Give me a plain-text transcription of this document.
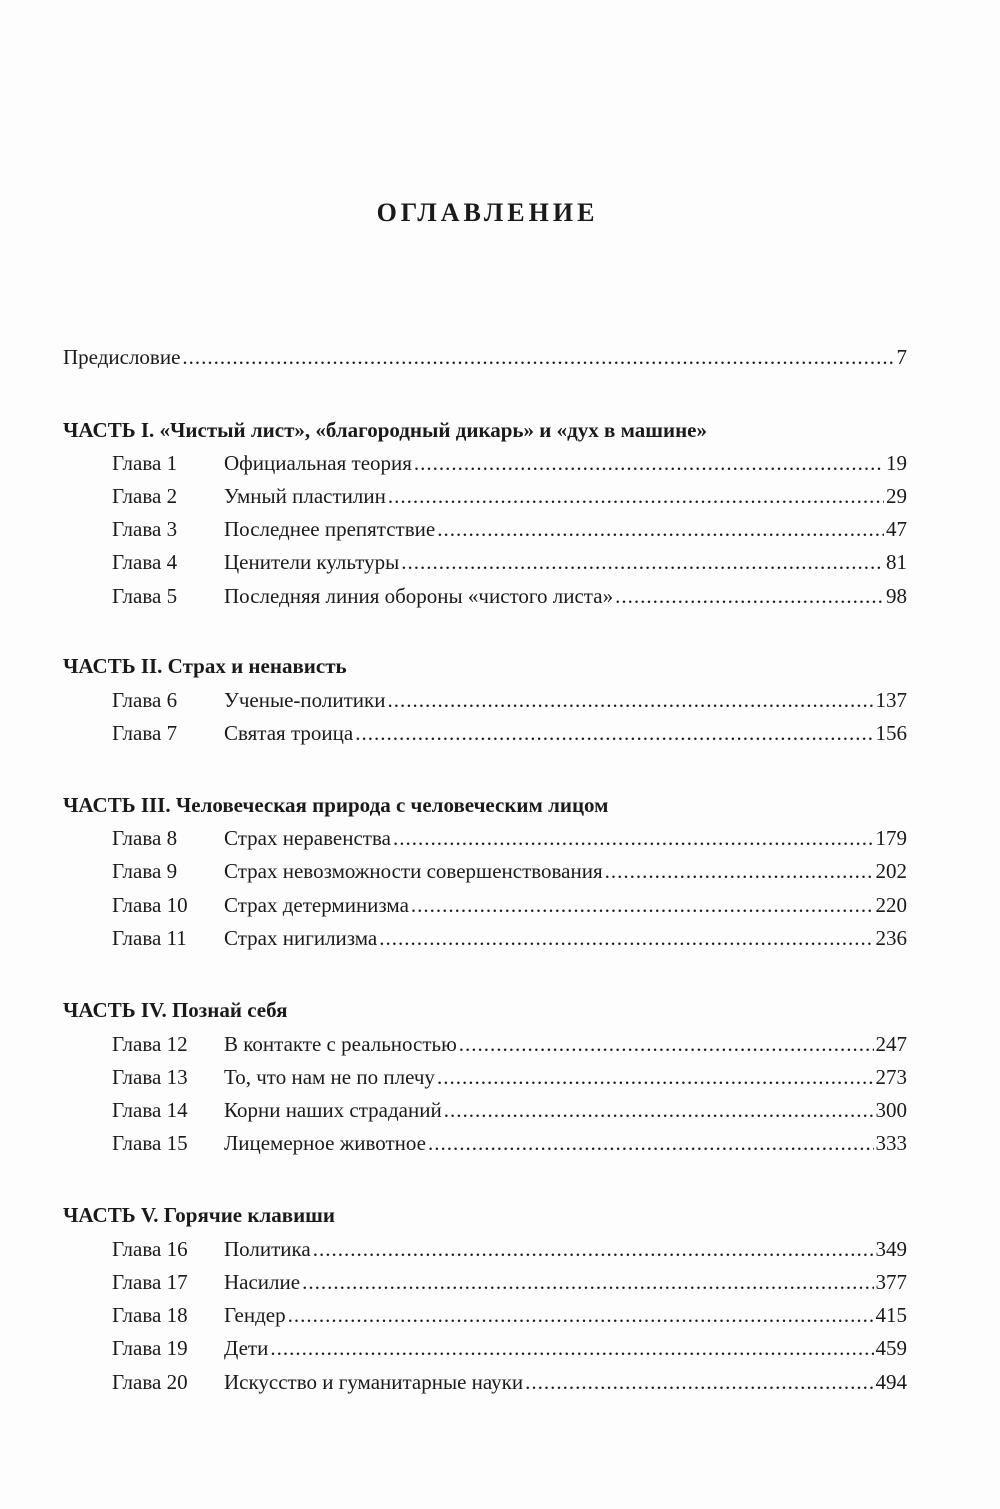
ОГЛАВЛЕНИЕ
Предисловие .....	7
ЧАСТЬ I. «Чистый лист», «благородный дикарь» и «дух в машине»
Глава 1	Официальная теория .....	19
Глава 2	Умный пластилин .....	29
Глава 3	Последнее препятствие .....	47
Глава 4	Ценители культуры .....	81
Глава 5	Последняя линия обороны «чистого листа» .....	98
ЧАСТЬ II. Страх и ненависть
Глава 6	Ученые-политики .....	137
Глава 7	Святая троица .....	156
ЧАСТЬ III. Человеческая природа с человеческим лицом
Глава 8	Страх неравенства .....	179
Глава 9	Страх невозможности совершенствования .....	202
Глава 10	Страх детерминизма .....	220
Глава 11	Страх нигилизма .....	236
ЧАСТЬ IV. Познай себя
Глава 12	В контакте с реальностью .....	247
Глава 13	То, что нам не по плечу .....	273
Глава 14	Корни наших страданий .....	300
Глава 15	Лицемерное животное .....	333
ЧАСТЬ V. Горячие клавиши
Глава 16	Политика .....	349
Глава 17	Насилие .....	377
Глава 18	Гендер .....	415
Глава 19	Дети .....	459
Глава 20	Искусство и гуманитарные науки .....	494
